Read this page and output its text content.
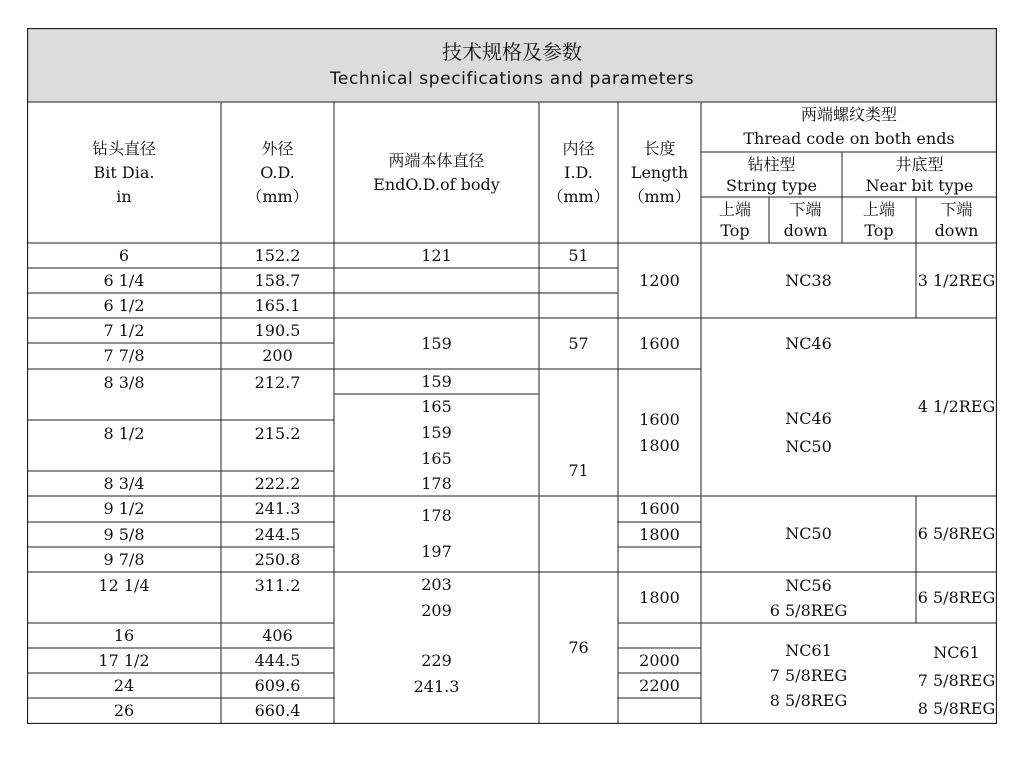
技术规格及参数
Technical specifications and parameters
钻头直径
Bit Dia.
in
外径
O.D.
（mm）
两端本体直径
EndO.D.of body
内径
I.D.
（mm）
长度
Length
（mm）
两端螺纹类型
Thread code on both ends
钻柱型
String type
井底型
Near bit type
上端
Top
下端
down
上端
Top
下端
down
6
6 1/4
6 1/2
7 1/2
7 7/8
8 3/8
8 1/2
8 3/4
9 1/2
9 5/8
9 7/8
12 1/4
16
17 1/2
24
26
152.2
158.7
165.1
190.5
200
212.7
215.2
222.2
241.3
244.5
250.8
311.2
406
444.5
609.6
660.4
121
159
159
165
159
165
178
178
197
203
209
229
241.3
51
57
71
76
1200
1600
1600
1800
1600
1800
1800
2000
2200
NC38
NC46
NC46
NC50
NC50
NC56
6 5/8REG
NC61
7 5/8REG
8 5/8REG
3 1/2REG
4 1/2REG
6 5/8REG
6 5/8REG
NC61
7 5/8REG
8 5/8REG
